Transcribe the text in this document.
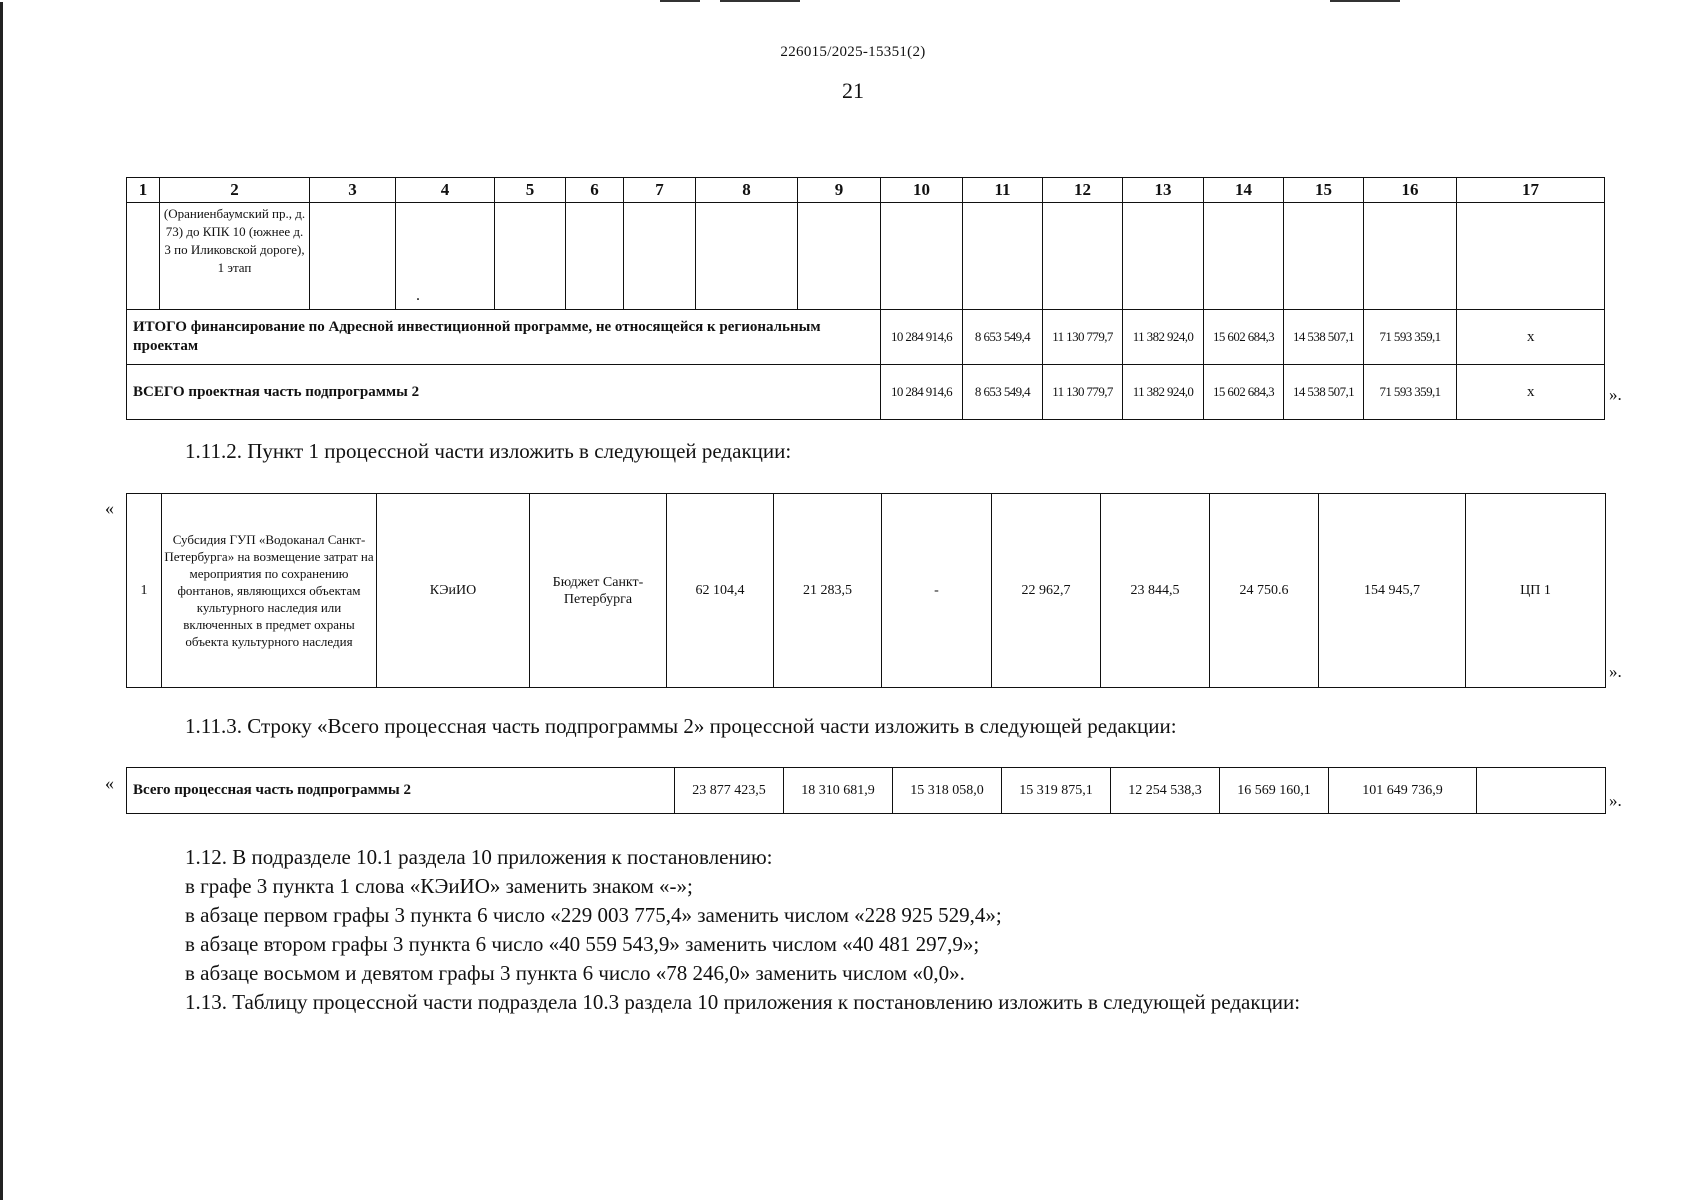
226015/2025-15351(2)
21
1	2	3	4	5	6	7	8	9	10	11	12	13	14	15	16	17
	(Ораниенбаумский пр., д. 73) до КПК 10 (южнее д. 3 по Иликовской дороге), 1 этап		.													

ИТОГО финансирование по Адресной инвестиционной программе, не относящейся к региональным проектам									10 284 914,6	8 653 549,4	11 130 779,7	11 382 924,0	15 602 684,3	14 538 507,1	71 593 359,1	х
ВСЕГО проектная часть подпрограммы 2									10 284 914,6	8 653 549,4	11 130 779,7	11 382 924,0	15 602 684,3	14 538 507,1	71 593 359,1	х	».
1.11.2. Пункт 1 процессной части изложить в следующей редакции:
«
1	Субсидия ГУП «Водоканал Санкт-Петербурга» на возмещение затрат на мероприятия по сохранению фонтанов, являющихся объектам культурного наследия или включенных в предмет охраны объекта культурного наследия	КЭиИО	Бюджет Санкт-Петербурга	62 104,4	21 283,5	-	22 962,7	23 844,5	24 750.6	154 945,7	ЦП 1
».
1.11.3. Строку «Всего процессная часть подпрограммы 2» процессной части изложить в следующей редакции:
« Всего процессная часть подпрограммы 2	23 877 423,5	18 310 681,9	15 318 058,0	15 319 875,1	12 254 538,3	16 569 160,1	101 649 736,9	
».
1.12. В подразделе 10.1 раздела 10 приложения к постановлению:
в графе 3 пункта 1 слова «КЭиИО» заменить знаком «-»;
в абзаце первом графы 3 пункта 6 число «229 003 775,4» заменить числом «228 925 529,4»;
в абзаце втором графы 3 пункта 6 число «40 559 543,9» заменить числом «40 481 297,9»;
в абзаце восьмом и девятом графы 3 пункта 6 число «78 246,0» заменить числом «0,0».
1.13. Таблицу процессной части подраздела 10.3 раздела 10 приложения к постановлению изложить в следующей редакции:
